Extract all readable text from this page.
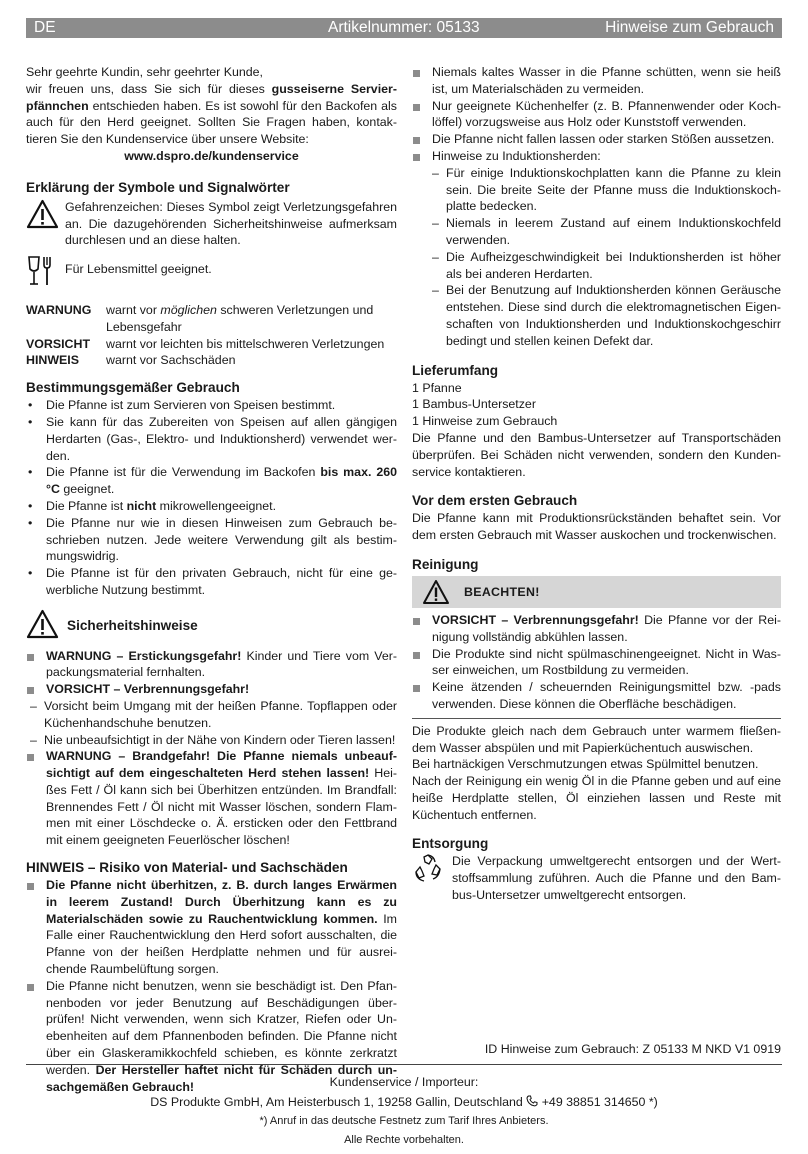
DE	Artikelnummer: 05133	Hinweise zum Gebrauch

Sehr geehrte Kundin, sehr geehrter Kunde,

wir freuen uns, dass Sie sich für dieses gusseiserne Servierpfännchen entschieden haben. Es ist sowohl für den Backofen als auch für den Herd geeignet. Sollten Sie Fragen haben, kontaktieren Sie den Kundenservice über unsere Website:

www.dspro.de/kundenservice

Erklärung der Symbole und Signalwörter

Gefahrenzeichen: Dieses Symbol zeigt Verletzungsgefahren an. Die dazugehörenden Sicherheitshinweise aufmerksam durchlesen und an diese halten.

Für Lebensmittel geeignet.

WARNUNG	warnt vor möglichen schweren Verletzungen und Lebensgefahr
VORSICHT	warnt vor leichten bis mittelschweren Verletzungen
HINWEIS	warnt vor Sachschäden
Bestimmungsgemäßer Gebrauch
• Die Pfanne ist zum Servieren von Speisen bestimmt.
• Sie kann für das Zubereiten von Speisen auf allen gängigen Herdarten (Gas-, Elektro- und Induktionsherd) verwendet werden.
• Die Pfanne ist für die Verwendung im Backofen bis max. 260 °C geeignet.
• Die Pfanne ist nicht mikrowellengeeignet.
• Die Pfanne nur wie in diesen Hinweisen zum Gebrauch beschrieben nutzen. Jede weitere Verwendung gilt als bestimmungswidrig.
• Die Pfanne ist für den privaten Gebrauch, nicht für eine gewerbliche Nutzung bestimmt.
Sicherheitshinweise
WARNUNG – Erstickungsgefahr! Kinder und Tiere vom Verpackungsmaterial fernhalten.
VORSICHT – Verbrennungsgefahr!
– Vorsicht beim Umgang mit der heißen Pfanne. Topflappen oder Küchenhandschuhe benutzen.
– Nie unbeaufsichtigt in der Nähe von Kindern oder Tieren lassen!
WARNUNG – Brandgefahr! Die Pfanne niemals unbeaufsichtigt auf dem eingeschalteten Herd stehen lassen! Heißes Fett / Öl kann sich bei Überhitzen entzünden. Im Brandfall: Brennendes Fett / Öl nicht mit Wasser löschen, sondern Flammen mit einer Löschdecke o. Ä. ersticken oder den Fettbrand mit einem geeigneten Feuerlöscher löschen!
HINWEIS – Risiko von Material- und Sachschäden
Die Pfanne nicht überhitzen, z. B. durch langes Erwärmen in leerem Zustand! Durch Überhitzung kann es zu Materialschäden sowie zu Rauchentwicklung kommen. Im Falle einer Rauchentwicklung den Herd sofort ausschalten, die Pfanne von der heißen Herdplatte nehmen und für ausreichende Raumbelüftung sorgen.
Die Pfanne nicht benutzen, wenn sie beschädigt ist. Den Pfannenboden vor jeder Benutzung auf Beschädigungen überprüfen! Nicht verwenden, wenn sich Kratzer, Riefen oder Unebenheiten auf dem Pfannenboden befinden. Die Pfanne nicht über ein Glaskeramikkochfeld schieben, es könnte zerkratzt werden. Der Hersteller haftet nicht für Schäden durch unsachgemäßen Gebrauch!
Niemals kaltes Wasser in die Pfanne schütten, wenn sie heiß ist, um Materialschäden zu vermeiden.
Nur geeignete Küchenhelfer (z. B. Pfannenwender oder Kochlöffel) vorzugsweise aus Holz oder Kunststoff verwenden.
Die Pfanne nicht fallen lassen oder starken Stößen aussetzen.
Hinweise zu Induktionsherden:
– Für einige Induktionskochplatten kann die Pfanne zu klein sein. Die breite Seite der Pfanne muss die Induktionskochplatte bedecken.
– Niemals in leerem Zustand auf einem Induktionskochfeld verwenden.
– Die Aufheizgeschwindigkeit bei Induktionsherden ist höher als bei anderen Herdarten.
– Bei der Benutzung auf Induktionsherden können Geräusche entstehen. Diese sind durch die elektromagnetischen Eigenschaften von Induktionsherden und Induktionskochgeschirr bedingt und stellen keinen Defekt dar.
Lieferumfang

1 Pfanne

1 Bambus-Untersetzer

1 Hinweise zum Gebrauch

Die Pfanne und den Bambus-Untersetzer auf Transportschäden überprüfen. Bei Schäden nicht verwenden, sondern den Kundenservice kontaktieren.

Vor dem ersten Gebrauch

Die Pfanne kann mit Produktionsrückständen behaftet sein. Vor dem ersten Gebrauch mit Wasser auskochen und trockenwischen.

Reinigung
BEACHTEN!
VORSICHT – Verbrennungsgefahr! Die Pfanne vor der Reinigung vollständig abkühlen lassen.
Die Produkte sind nicht spülmaschinengeeignet. Nicht in Wasser einweichen, um Rostbildung zu vermeiden.
Keine ätzenden / scheuernden Reinigungsmittel bzw. -pads verwenden. Diese können die Oberfläche beschädigen.

Die Produkte gleich nach dem Gebrauch unter warmem fließendem Wasser abspülen und mit Papierküchentuch auswischen.

Bei hartnäckigen Verschmutzungen etwas Spülmittel benutzen.

Nach der Reinigung ein wenig Öl in die Pfanne geben und auf eine heiße Herdplatte stellen, Öl einziehen lassen und Reste mit Küchentuch entfernen.

Entsorgung

Die Verpackung umweltgerecht entsorgen und der Wertstoffsammlung zuführen. Auch die Pfanne und den Bambus-Untersetzer umweltgerecht entsorgen.

ID Hinweise zum Gebrauch: Z 05133 M NKD V1 0919
Kundenservice / Importeur:
DS Produkte GmbH, Am Heisterbusch 1, 19258 Gallin, Deutschland  +49 38851 314650 *)
*) Anruf in das deutsche Festnetz zum Tarif Ihres Anbieters.
Alle Rechte vorbehalten.
